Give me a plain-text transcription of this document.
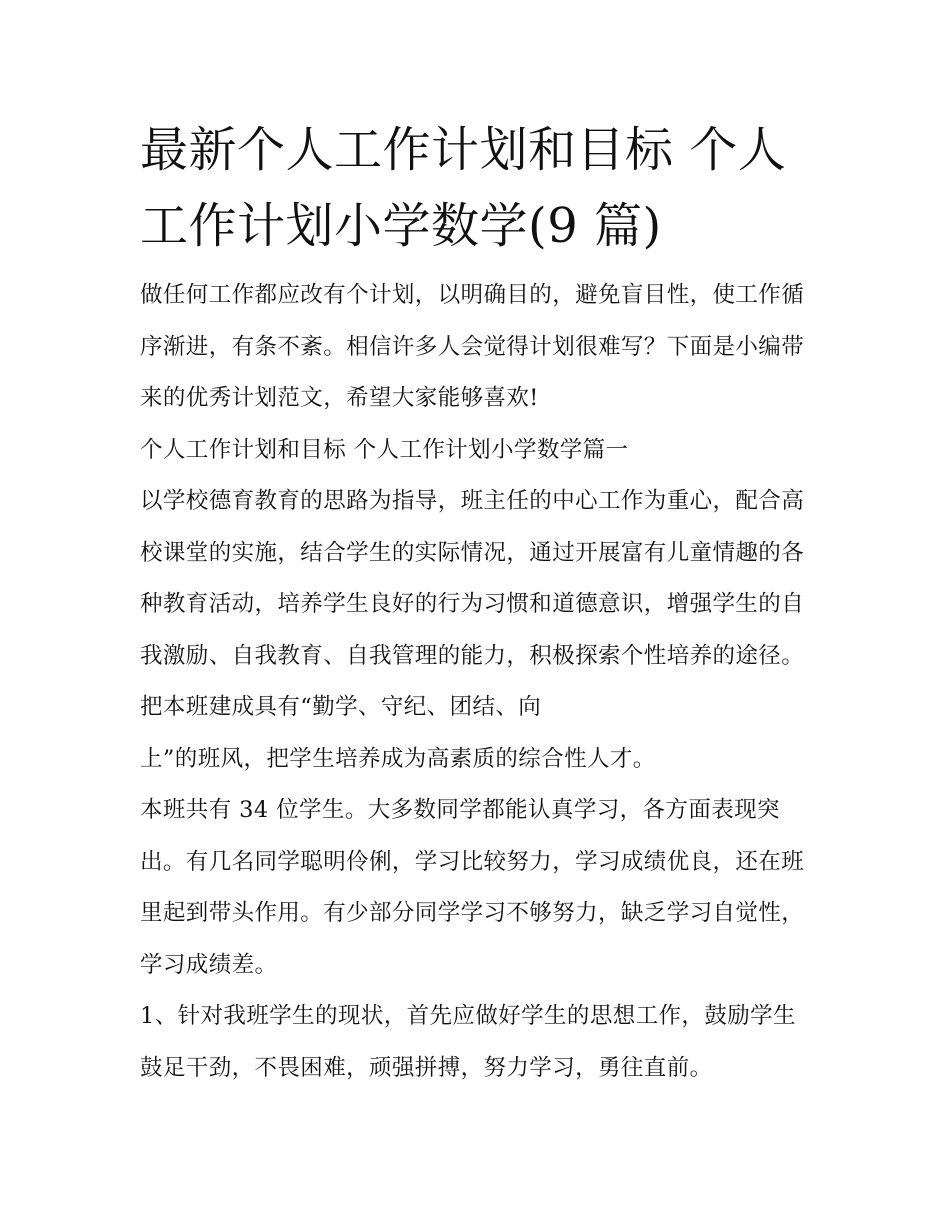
最新个人工作计划和目标 个人
工作计划小学数学(9 篇)

做任何工作都应改有个计划，以明确目的，避免盲目性，使工作循序渐进，有条不紊。相信许多人会觉得计划很难写？下面是小编带来的优秀计划范文，希望大家能够喜欢!

个人工作计划和目标 个人工作计划小学数学篇一

以学校德育教育的思路为指导，班主任的中心工作为重心，配合高校课堂的实施，结合学生的实际情况，通过开展富有儿童情趣的各种教育活动，培养学生良好的行为习惯和道德意识，增强学生的自我激励、自我教育、自我管理的能力，积极探索个性培养的途径。把本班建成具有“勤学、守纪、团结、向

上”的班风，把学生培养成为高素质的综合性人才。

本班共有 34 位学生。大多数同学都能认真学习，各方面表现突出。有几名同学聪明伶俐，学习比较努力，学习成绩优良，还在班里起到带头作用。有少部分同学学习不够努力，缺乏学习自觉性，学习成绩差。

1、针对我班学生的现状，首先应做好学生的思想工作，鼓励学生鼓足干劲，不畏困难，顽强拼搏，努力学习，勇往直前。
